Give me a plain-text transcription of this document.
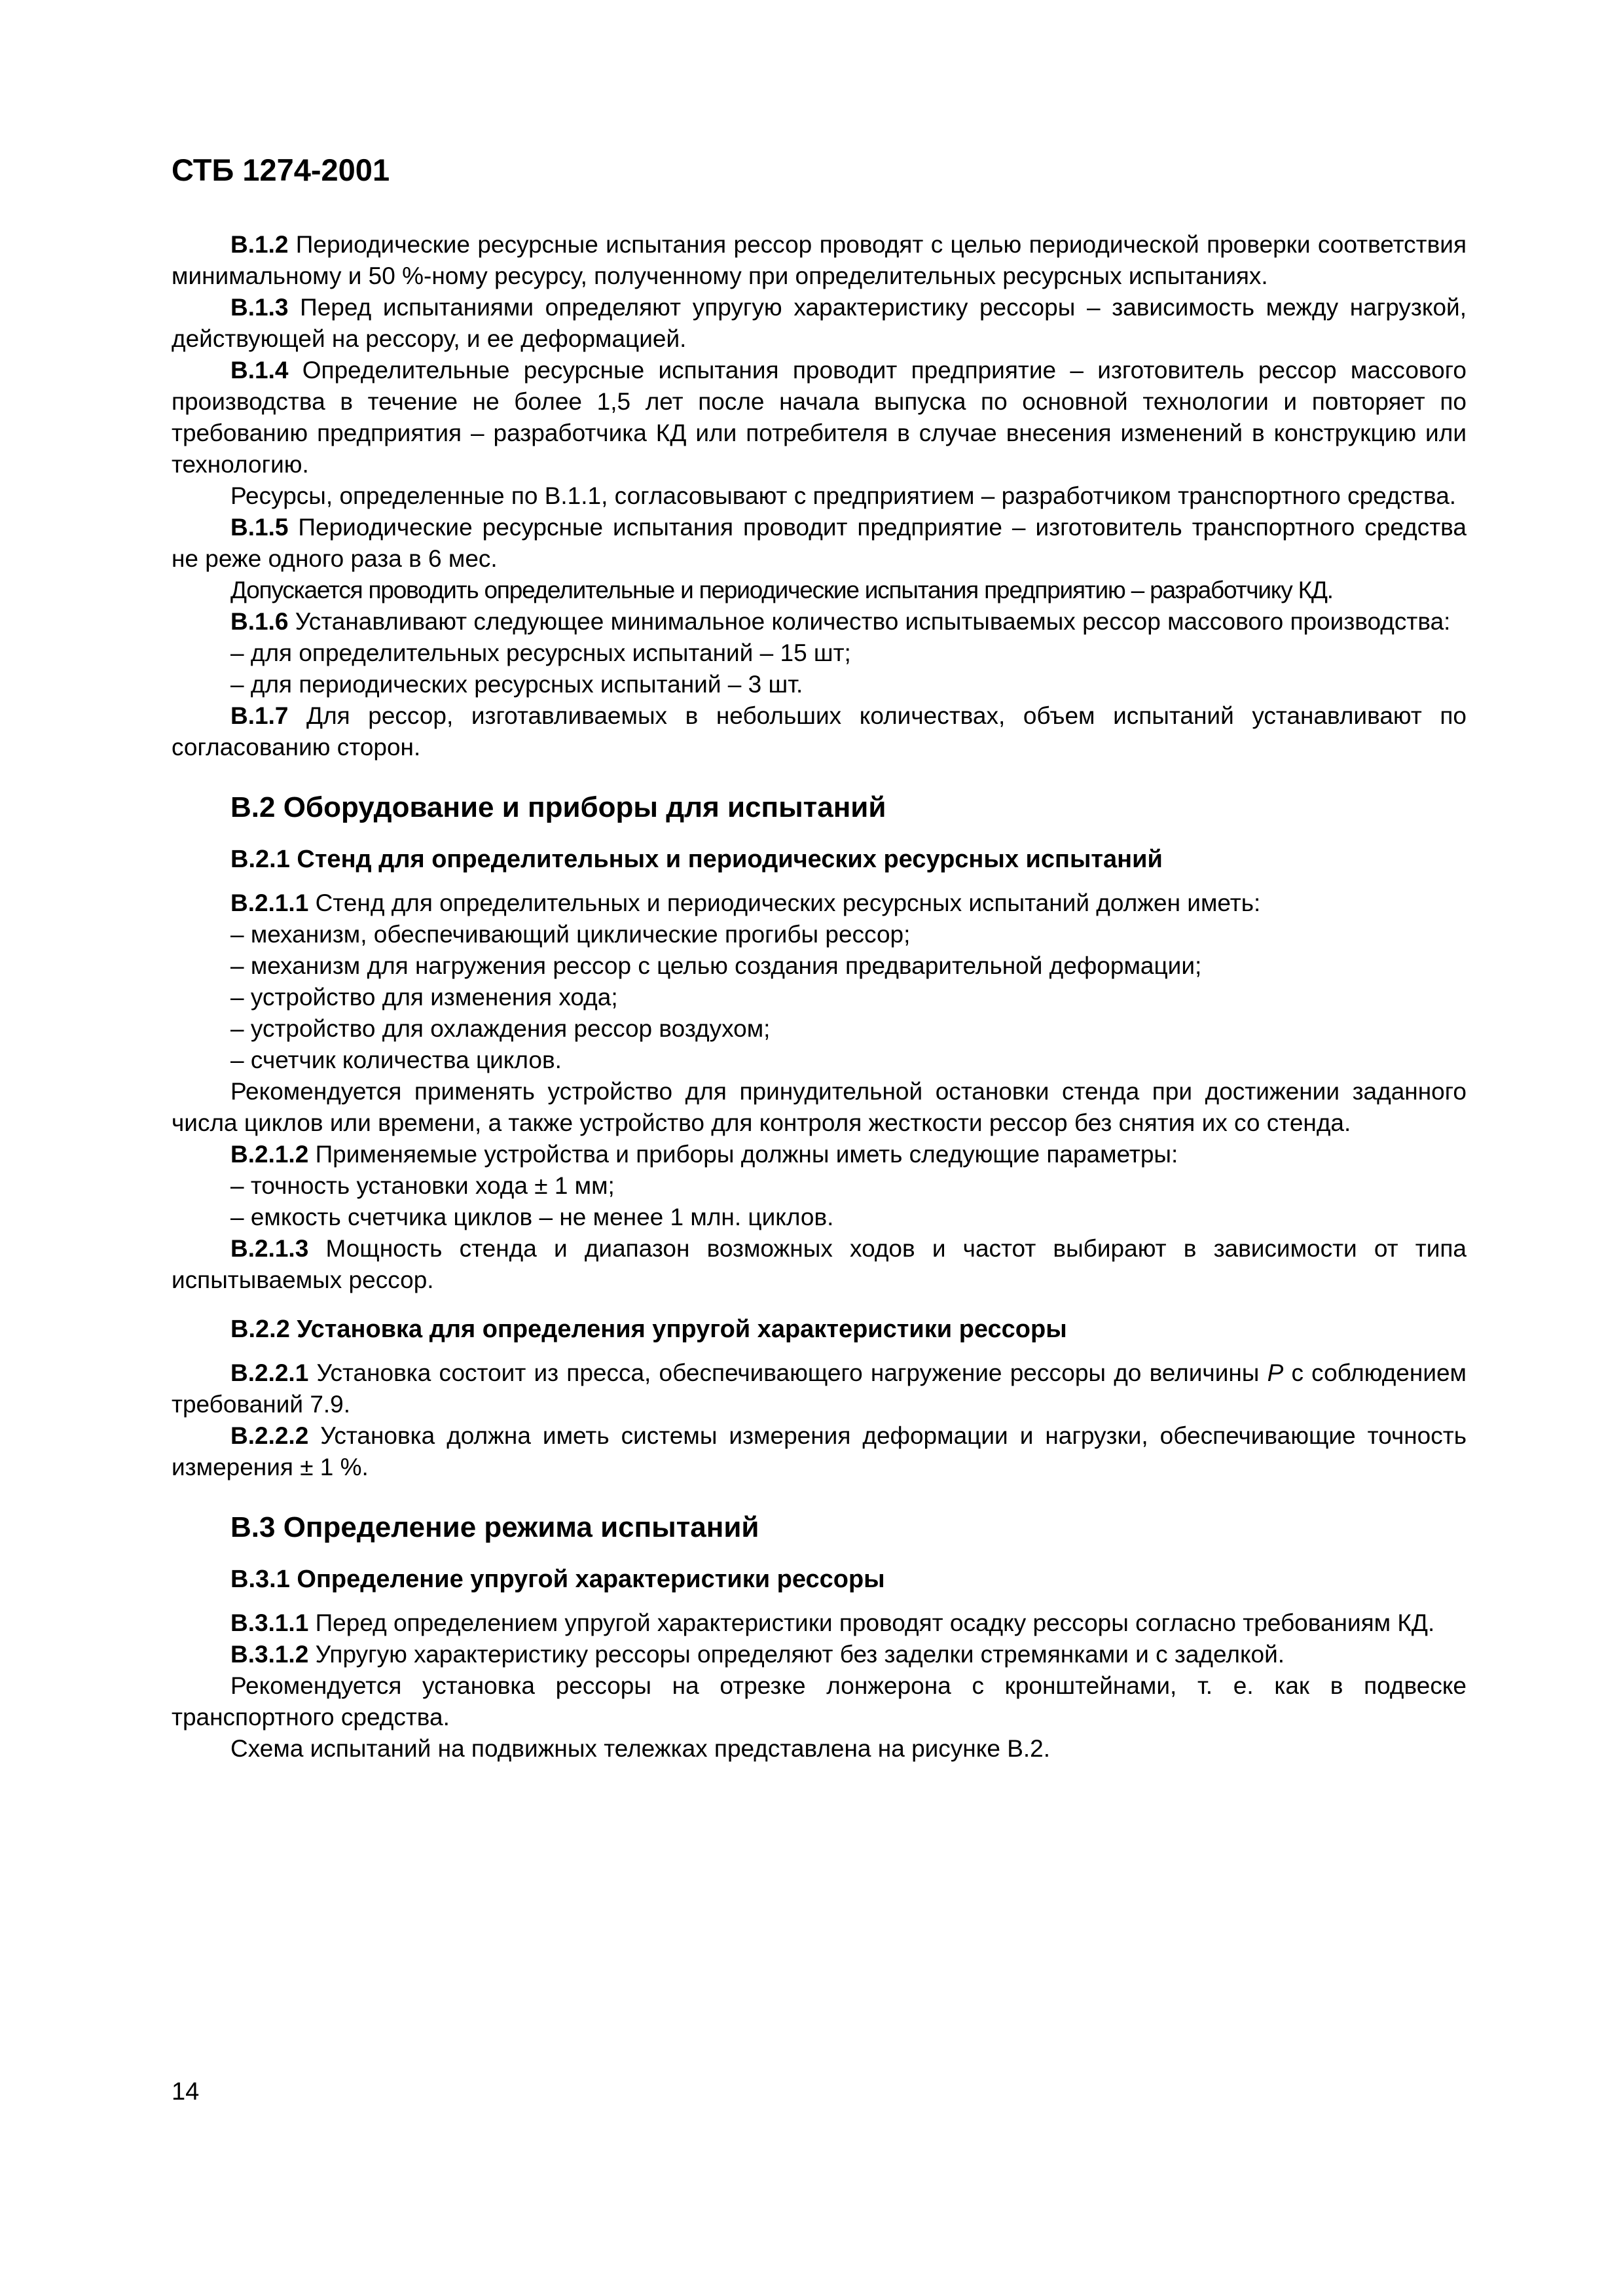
СТБ 1274-2001

В.1.2 Периодические ресурсные испытания рессор проводят с целью периодической проверки соответствия минимальному и 50 %-ному ресурсу, полученному при определительных ресурсных испытаниях.

В.1.3 Перед испытаниями определяют упругую характеристику рессоры – зависимость между нагрузкой, действующей на рессору, и ее деформацией.

В.1.4 Определительные ресурсные испытания проводит предприятие – изготовитель рессор массового производства в течение не более 1,5 лет после начала выпуска по основной технологии и повторяет по требованию предприятия – разработчика КД или потребителя в случае внесения изменений в конструкцию или технологию.

Ресурсы, определенные по В.1.1, согласовывают с предприятием – разработчиком транспортного средства.

В.1.5 Периодические ресурсные испытания проводит предприятие – изготовитель транспортного средства не реже одного раза в 6 мес.

Допускается проводить определительные и периодические испытания предприятию – разработчику КД.

В.1.6 Устанавливают следующее минимальное количество испытываемых рессор массового производства:

– для определительных ресурсных испытаний – 15 шт;

– для периодических ресурсных испытаний – 3 шт.

В.1.7 Для рессор, изготавливаемых в небольших количествах, объем испытаний устанавливают по согласованию сторон.

В.2 Оборудование и приборы для испытаний
В.2.1 Стенд для определительных и периодических ресурсных испытаний

В.2.1.1 Стенд для определительных и периодических ресурсных испытаний должен иметь:

– механизм, обеспечивающий циклические прогибы рессор;

– механизм для нагружения рессор с целью создания предварительной деформации;

– устройство для изменения хода;

– устройство для охлаждения рессор воздухом;

– счетчик количества циклов.

Рекомендуется применять устройство для принудительной остановки стенда при достижении заданного числа циклов или времени, а также устройство для контроля жесткости рессор без снятия их со стенда.

В.2.1.2 Применяемые устройства и приборы должны иметь следующие параметры:

– точность установки хода ± 1 мм;

– емкость счетчика циклов – не менее 1 млн. циклов.

В.2.1.3 Мощность стенда и диапазон возможных ходов и частот выбирают в зависимости от типа испытываемых рессор.

В.2.2 Установка для определения упругой характеристики рессоры

В.2.2.1 Установка состоит из пресса, обеспечивающего нагружение рессоры до величины P с соблюдением требований 7.9.

В.2.2.2 Установка должна иметь системы измерения деформации и нагрузки, обеспечивающие точность измерения ± 1 %.

В.3 Определение режима испытаний
В.3.1 Определение упругой характеристики рессоры

В.3.1.1 Перед определением упругой характеристики проводят осадку рессоры согласно требованиям КД.

В.3.1.2 Упругую характеристику рессоры определяют без заделки стремянками и с заделкой.

Рекомендуется установка рессоры на отрезке лонжерона с кронштейнами, т. е. как в подвеске транспортного средства.

Схема испытаний на подвижных тележках представлена на рисунке В.2.

14
